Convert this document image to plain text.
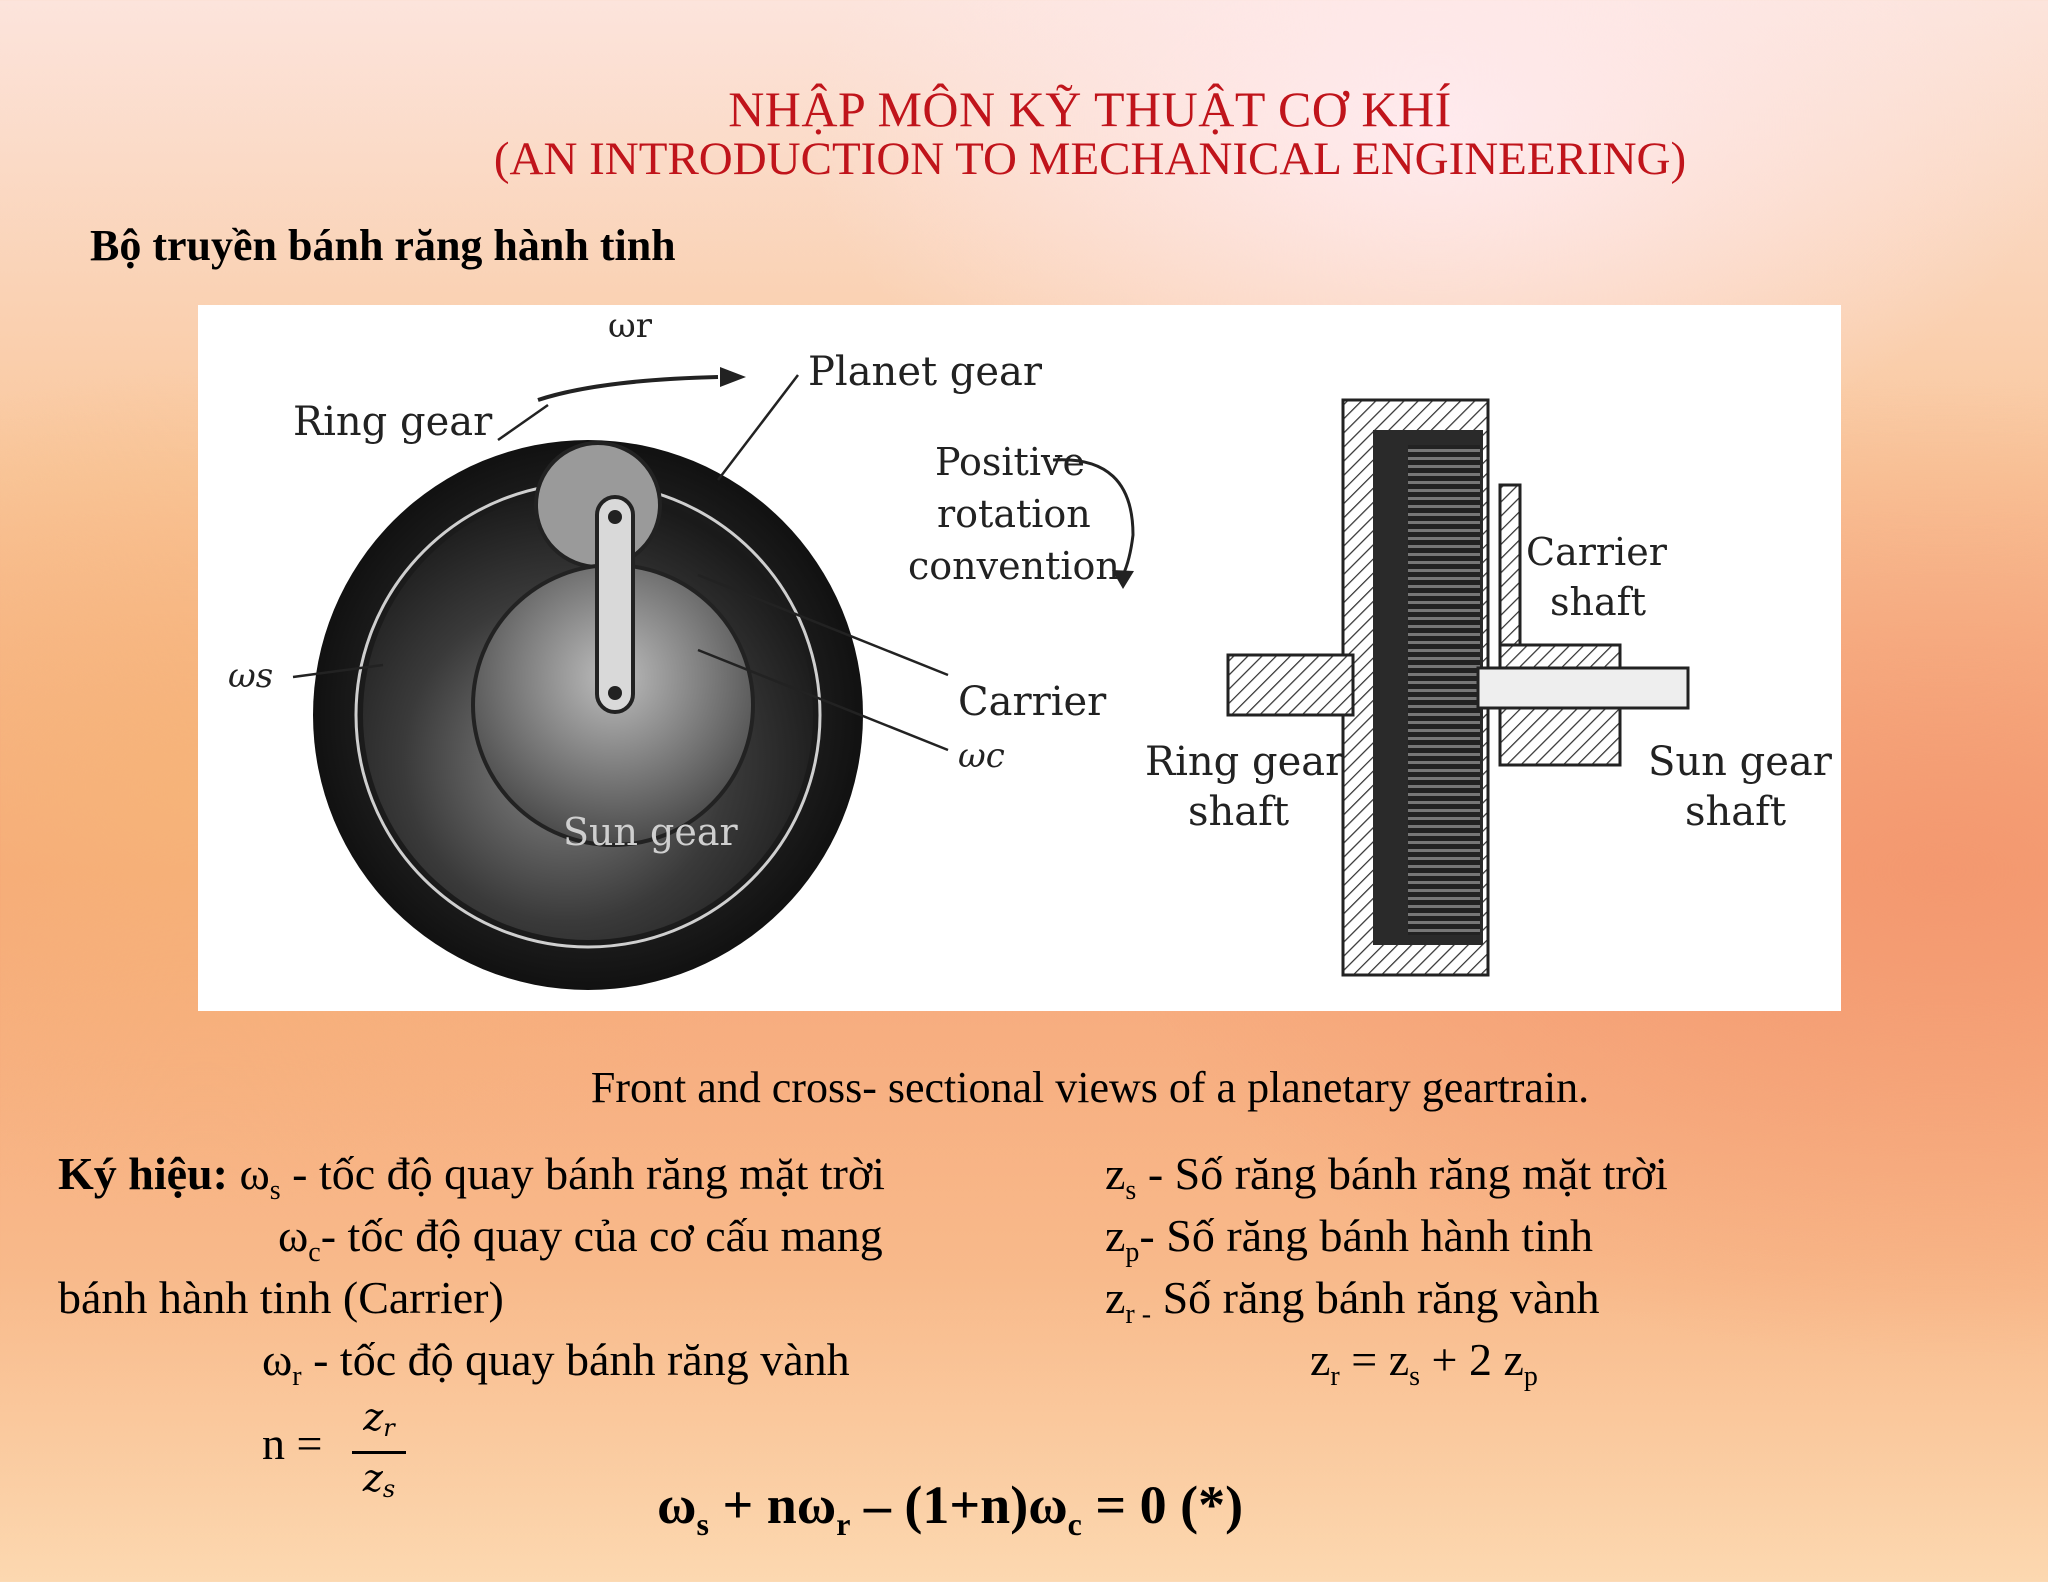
NHẬP MÔN KỸ THUẬT CƠ KHÍ
(AN INTRODUCTION TO MECHANICAL ENGINEERING)
Bộ truyền bánh răng hành tinh
ωr
Planet gear
Ring gear
Positive
rotation
convention
ωs
Carrier
ωc
Sun gear
Carrier
shaft
Ring gear
shaft
Sun gear
shaft
Front and cross- sectional views of a planetary geartrain.
Ký hiệu: $\omega_s$ - tốc độ quay bánh răng mặt trời
$\omega_c-$ tốc độ quay của cơ cấu mang
bánh hành tinh (Carrier)
$\omega_r$ - tốc độ quay bánh răng vành
$n = \frac{z_r}{z_s}$
$z_s$ - Số răng bánh răng mặt trời
$z_p-$ Số răng bánh hành tinh
$z_{r -}$ Số răng bánh răng vành
$z_r = z_s + 2$ $z_p$
$\omega_s + n\omega_r - (1+n)\omega_c = 0$ (*)
